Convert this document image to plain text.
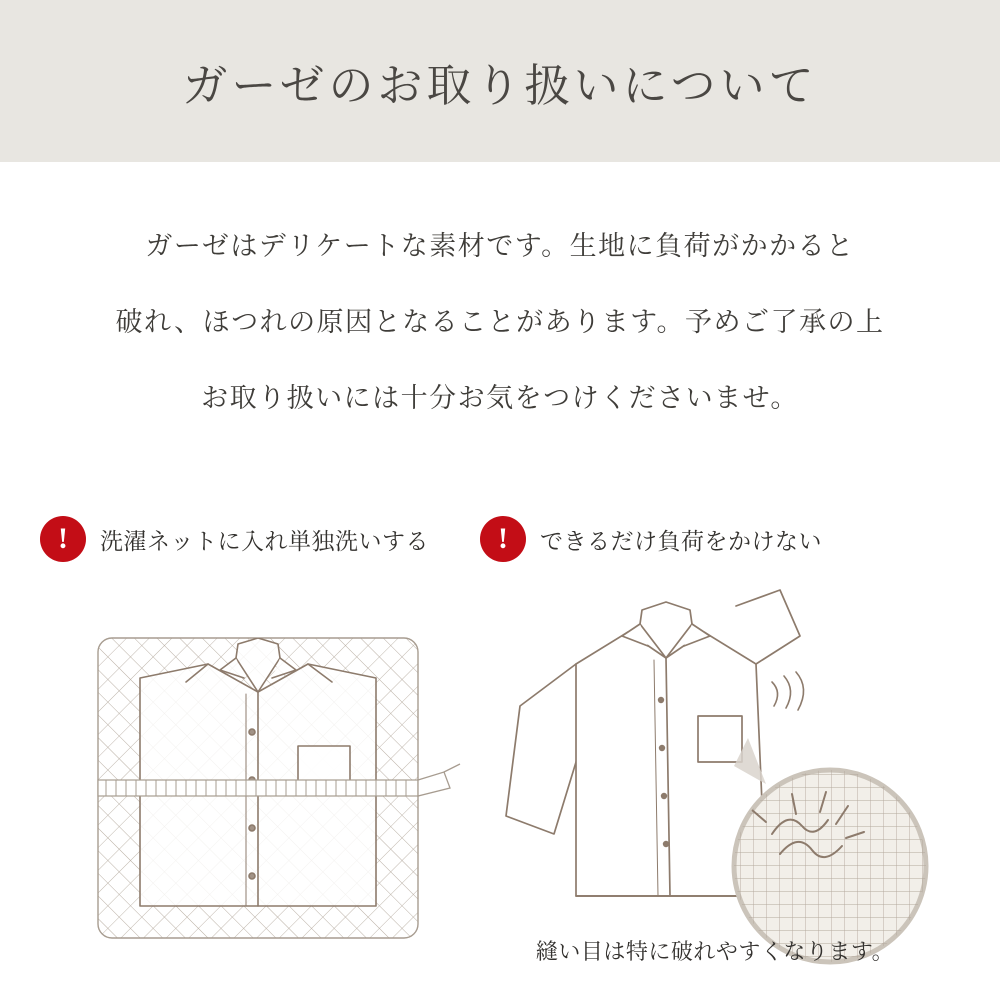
ガーゼのお取り扱いについて
ガーゼはデリケートな素材です。生地に負荷がかかると
破れ、ほつれの原因となることがあります。予めご了承の上
お取り扱いには十分お気をつけくださいませ。
!	洗濯ネットに入れ単独洗いする	!	できるだけ負荷をかけない
縫い目は特に破れやすくなります。
